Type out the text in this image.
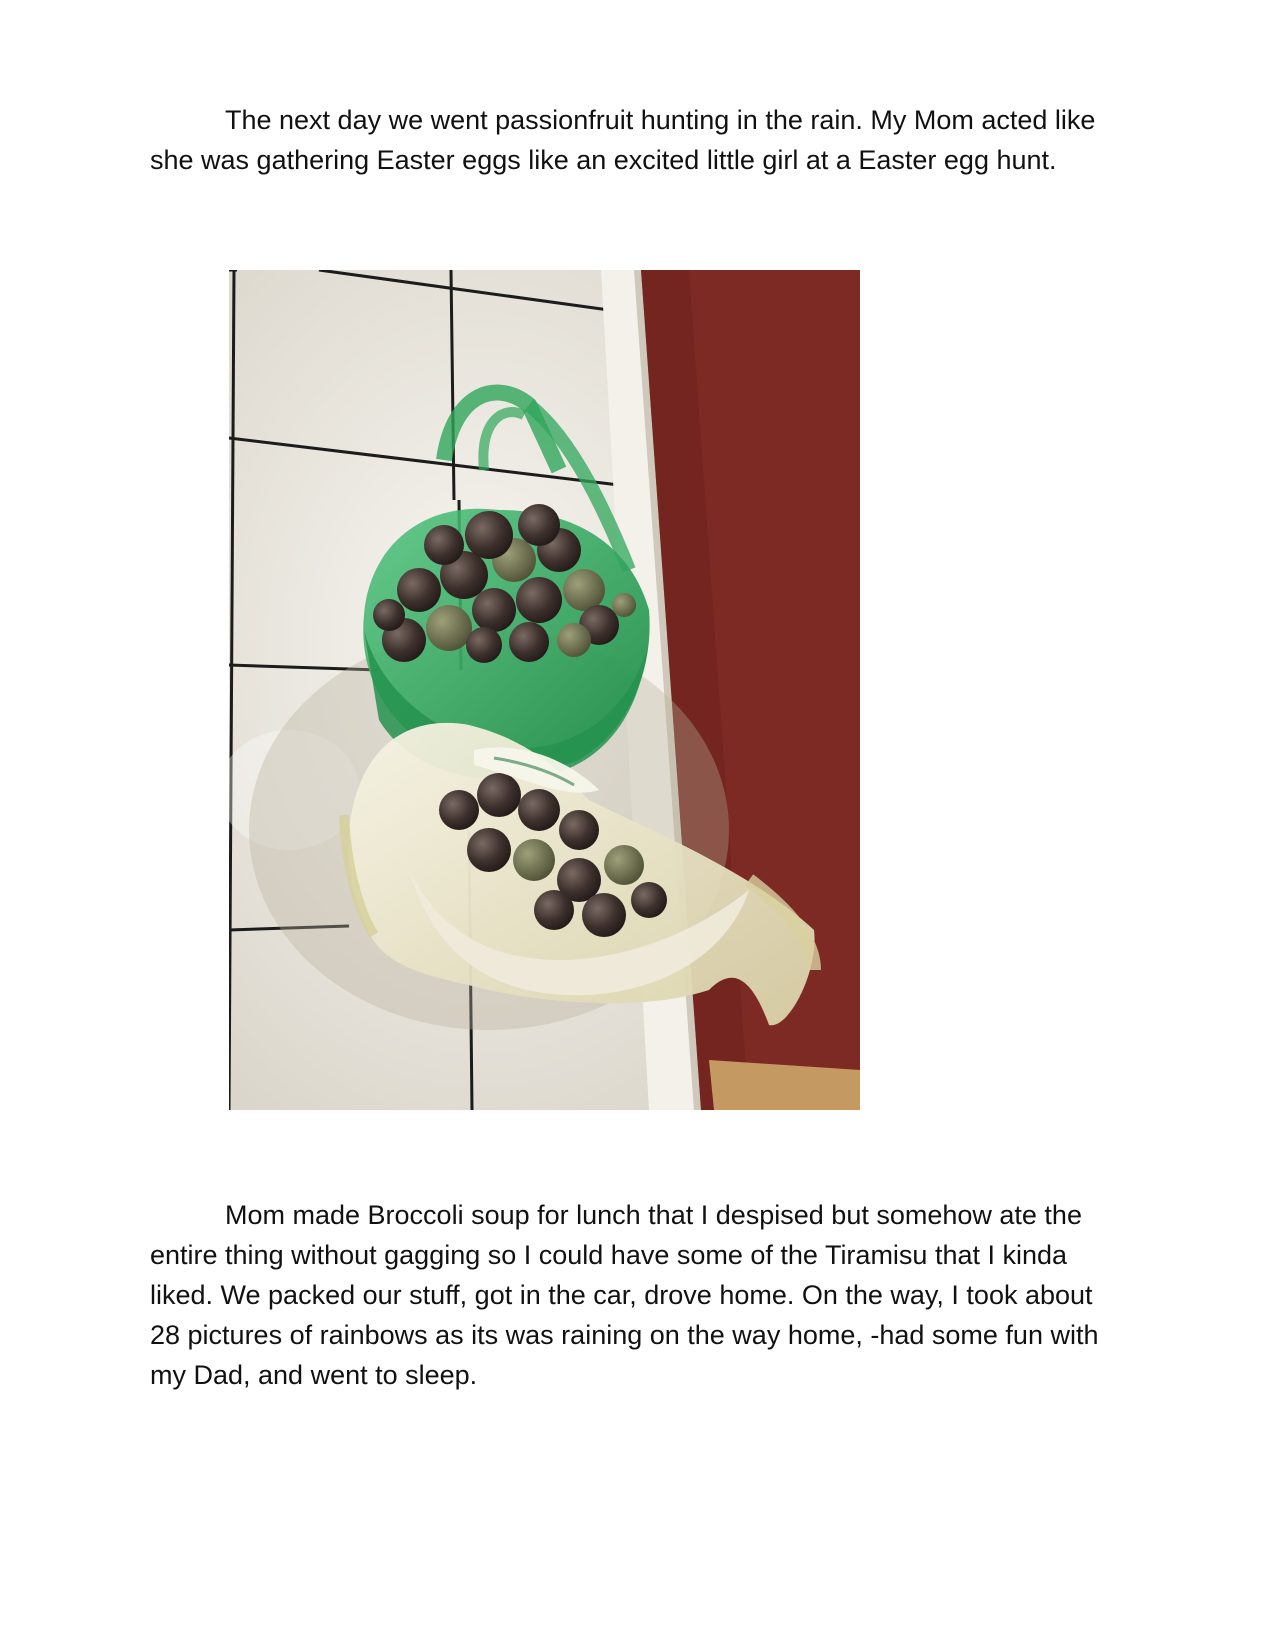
The next day we went passionfruit hunting in the rain. My Mom acted like she was gathering Easter eggs like an excited little girl at a Easter egg hunt.

Mom made Broccoli soup for lunch that I despised but somehow ate the entire thing without gagging so I could have some of the Tiramisu that I kinda liked. We packed our stuff, got in the car, drove home. On the way, I took about 28 pictures of rainbows as its was raining on the way home, -had some fun with my Dad, and went to sleep.
